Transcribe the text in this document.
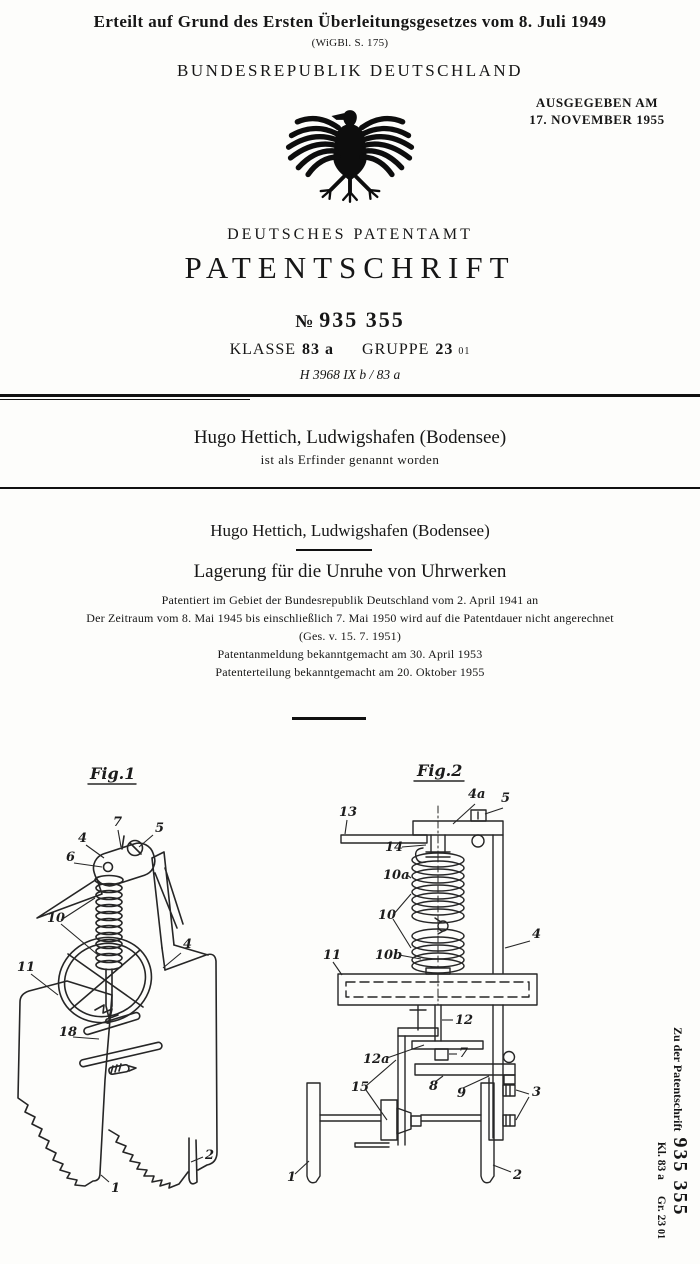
Erteilt auf Grund des Ersten Überleitungsgesetzes vom 8. Juli 1949
(WiGBl. S. 175)
BUNDESREPUBLIK DEUTSCHLAND
AUSGEGEBEN AM
17. NOVEMBER 1955
DEUTSCHES PATENTAMT
PATENTSCHRIFT
№ 935 355
KLASSE 83 a GRUPPE 23 01
H 3968 IX b / 83 a
Hugo Hettich, Ludwigshafen (Bodensee)
ist als Erfinder genannt worden
Hugo Hettich, Ludwigshafen (Bodensee)
Lagerung für die Unruhe von Uhrwerken
Patentiert im Gebiet der Bundesrepublik Deutschland vom 2. April 1941 an
Der Zeitraum vom 8. Mai 1945 bis einschließlich 7. Mai 1950 wird auf die Patentdauer nicht angerechnet
(Ges. v. 15. 7. 1951)
Patentanmeldung bekanntgemacht am 30. April 1953
Patenterteilung bekanntgemacht am 20. Oktober 1955
Fig.1
7	5
4
6
10
11
4
18
2
1
Fig.2
13
4a 5
14
10a
10
10b
11
4
12
12a	7
8 9
15	3
1	2
Zu der Patentschrift935 355
Kl. 83 aGr. 23 01
